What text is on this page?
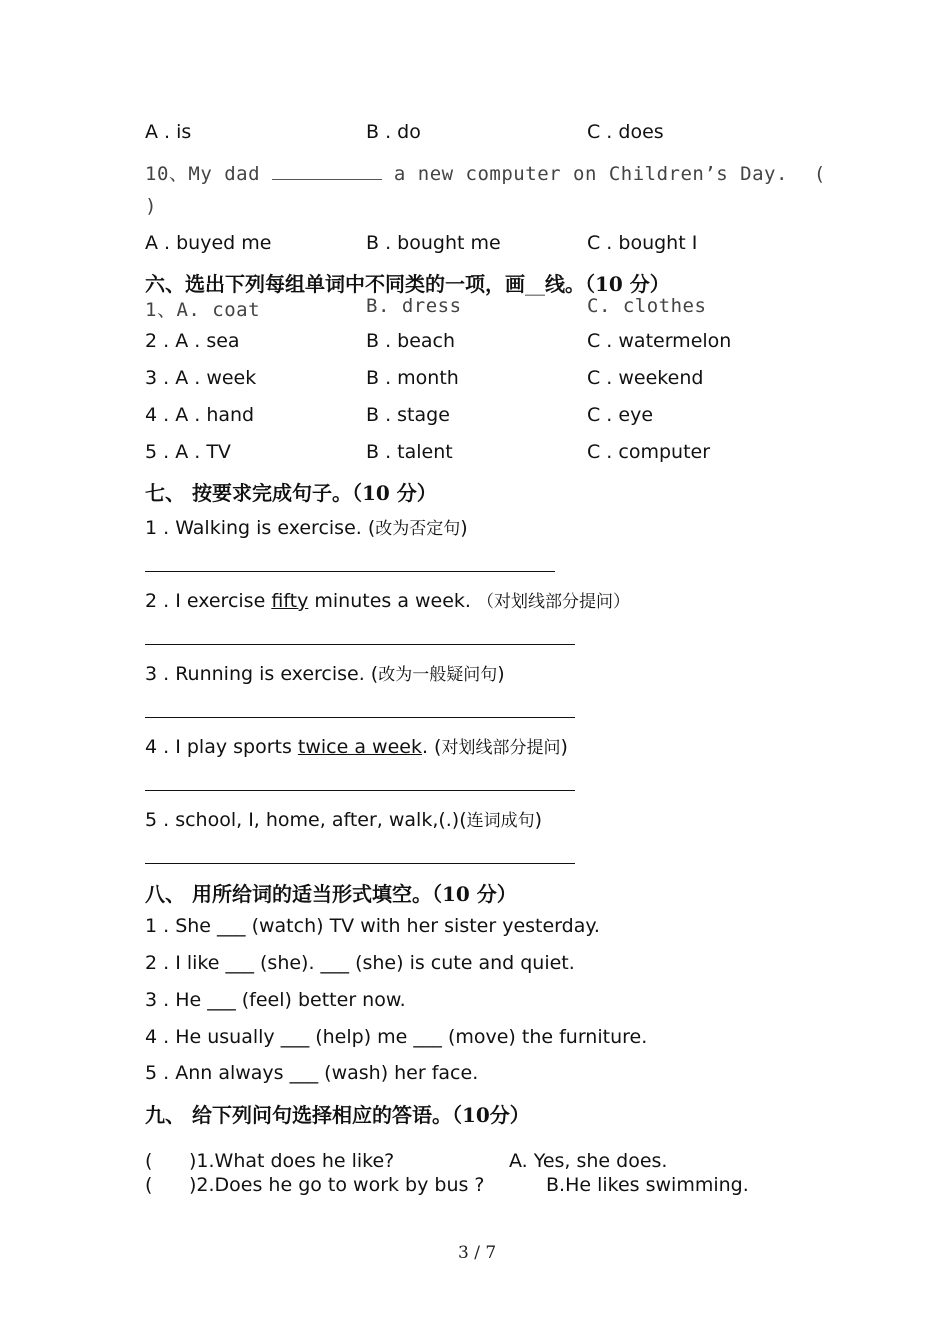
A . is	B . do	C . does
10、My dad	a new computer on Children’s Day. (
)
A . buyed me	B . bought me	C . bought I
六、选出下列每组单词中不同类的一项，画__线。（10 分）
1、A. coat	B. dress	C. clothes
2 . A . sea	B . beach	C . watermelon
3 . A . week	B . month	C . weekend
4 . A . hand	B . stage	C . eye
5 . A . TV	B . talent	C . computer
七、 按要求完成句子。（10 分）
1 . Walking is exercise. (改为否定句)
2 . I exercise fifty minutes a week. （对划线部分提问）
3 . Running is exercise. (改为一般疑问句)
4 . I play sports twice a week. (对划线部分提问)
5 . school, I, home, after, walk,(.)(连词成句)
八、 用所给词的适当形式填空。（10 分）
1 . She ___ (watch) TV with her sister yesterday.
2 . I like ___ (she). ___ (she) is cute and quiet.
3 . He ___ (feel) better now.
4 . He usually ___ (help) me ___ (move) the furniture.
5 . Ann always ___ (wash) her face.
九、 给下列问句选择相应的答语。（10分）
( )1.What does he like?	A. Yes, she does.
( )2.Does he go to work by bus ?	B.He likes swimming.
3 / 7
